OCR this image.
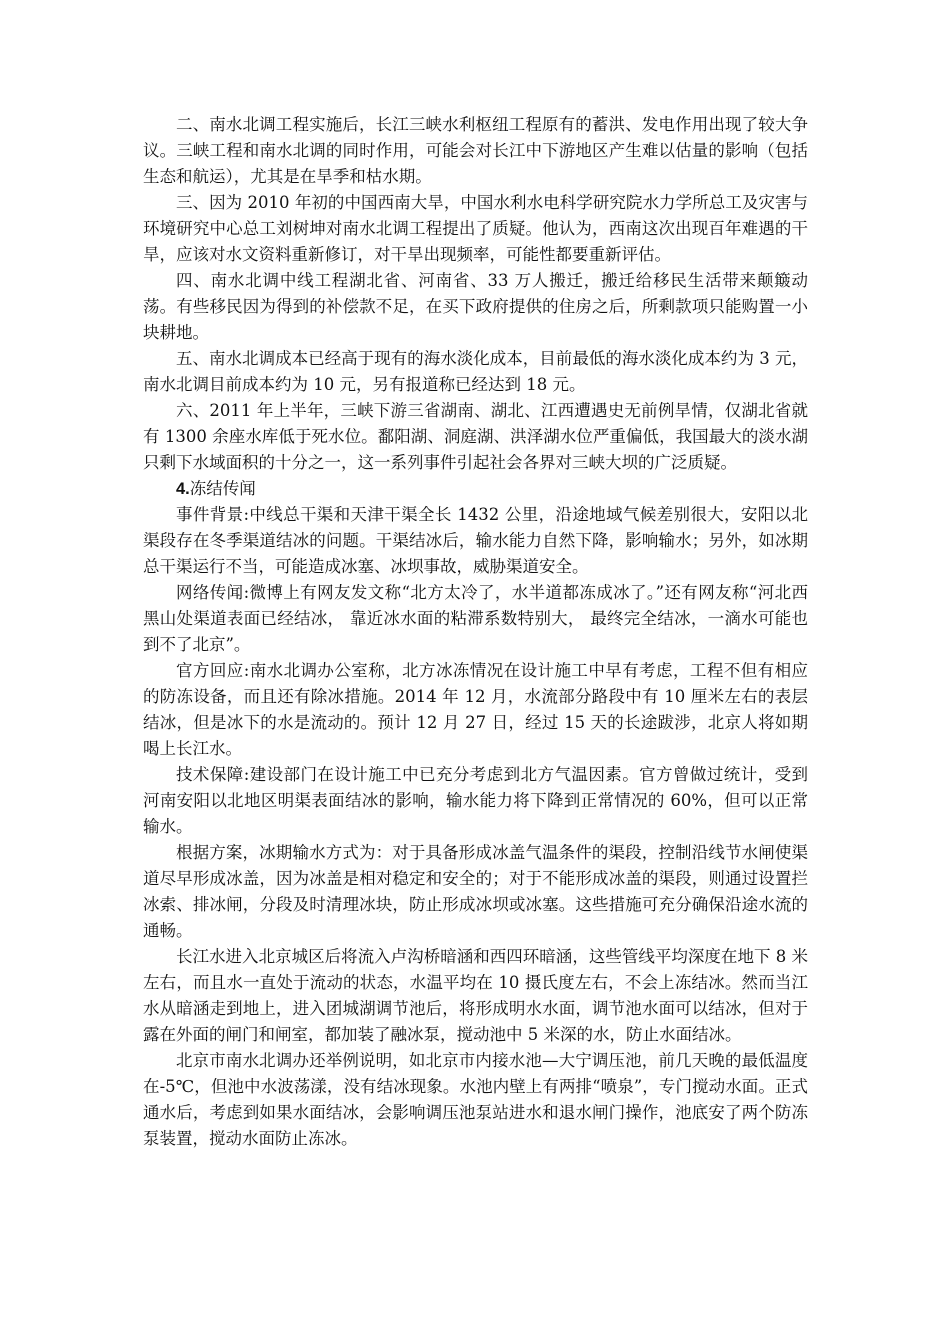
二、南水北调工程实施后，长江三峡水利枢纽工程原有的蓄洪、发电作用出现了较大争议。三峡工程和南水北调的同时作用，可能会对长江中下游地区产生难以估量的影响（包括生态和航运），尤其是在旱季和枯水期。

三、因为 2010 年初的中国西南大旱，中国水利水电科学研究院水力学所总工及灾害与环境研究中心总工刘树坤对南水北调工程提出了质疑。他认为，西南这次出现百年难遇的干旱，应该对水文资料重新修订，对干旱出现频率，可能性都要重新评估。

四、南水北调中线工程湖北省、河南省、33 万人搬迁，搬迁给移民生活带来颠簸动荡。有些移民因为得到的补偿款不足，在买下政府提供的住房之后，所剩款项只能购置一小块耕地。

五、南水北调成本已经高于现有的海水淡化成本，目前最低的海水淡化成本约为 3 元，南水北调目前成本约为 10 元，另有报道称已经达到 18 元。

六、2011 年上半年，三峡下游三省湖南、湖北、江西遭遇史无前例旱情，仅湖北省就有 1300 余座水库低于死水位。鄱阳湖、洞庭湖、洪泽湖水位严重偏低，我国最大的淡水湖只剩下水域面积的十分之一，这一系列事件引起社会各界对三峡大坝的广泛质疑。

4.冻结传闻

事件背景:中线总干渠和天津干渠全长 1432 公里，沿途地域气候差别很大，安阳以北渠段存在冬季渠道结冰的问题。干渠结冰后，输水能力自然下降，影响输水；另外，如冰期总干渠运行不当，可能造成冰塞、冰坝事故，威胁渠道安全。

网络传闻:微博上有网友发文称“北方太冷了，水半道都冻成冰了。”还有网友称“河北西黑山处渠道表面已经结冰， 靠近冰水面的粘滞系数特别大， 最终完全结冰，一滴水可能也到不了北京”。

官方回应:南水北调办公室称，北方冰冻情况在设计施工中早有考虑，工程不但有相应的防冻设备，而且还有除冰措施。2014 年 12 月，水流部分路段中有 10 厘米左右的表层结冰，但是冰下的水是流动的。预计 12 月 27 日，经过 15 天的长途跋涉，北京人将如期喝上长江水。

技术保障:建设部门在设计施工中已充分考虑到北方气温因素。官方曾做过统计，受到河南安阳以北地区明渠表面结冰的影响，输水能力将下降到正常情况的 60%，但可以正常输水。

根据方案，冰期输水方式为：对于具备形成冰盖气温条件的渠段，控制沿线节水闸使渠道尽早形成冰盖，因为冰盖是相对稳定和安全的；对于不能形成冰盖的渠段，则通过设置拦冰索、排冰闸，分段及时清理冰块，防止形成冰坝或冰塞。这些措施可充分确保沿途水流的通畅。

长江水进入北京城区后将流入卢沟桥暗涵和西四环暗涵，这些管线平均深度在地下 8 米左右，而且水一直处于流动的状态，水温平均在 10 摄氏度左右，不会上冻结冰。然而当江水从暗涵走到地上，进入团城湖调节池后，将形成明水水面，调节池水面可以结冰，但对于露在外面的闸门和闸室，都加装了融冰泵，搅动池中 5 米深的水，防止水面结冰。

北京市南水北调办还举例说明，如北京市内接水池—大宁调压池，前几天晚的最低温度在-5℃，但池中水波荡漾，没有结冰现象。水池内壁上有两排“喷泉”，专门搅动水面。正式通水后，考虑到如果水面结冰，会影响调压池泵站进水和退水闸门操作，池底安了两个防冻泵装置，搅动水面防止冻冰。
